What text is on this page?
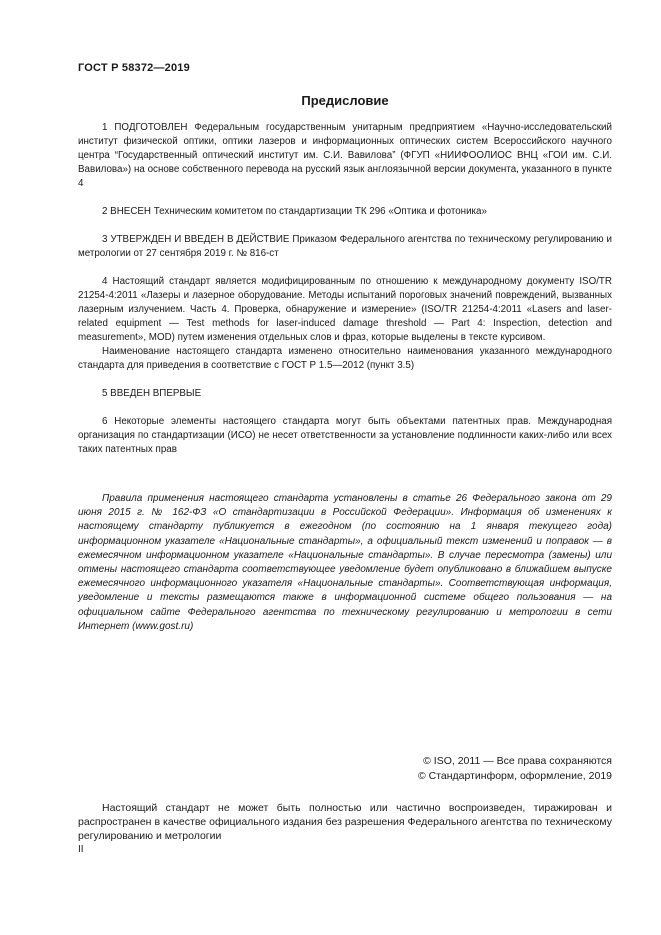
ГОСТ Р 58372—2019
Предисловие

1 ПОДГОТОВЛЕН Федеральным государственным унитарным предприятием «Научно-исследовательский институт физической оптики, оптики лазеров и информационных оптических систем Всероссийского научного центра “Государственный оптический институт им. С.И. Вавилова” (ФГУП «НИИФООЛИОС ВНЦ «ГОИ им. С.И. Вавилова») на основе собственного перевода на русский язык англоязычной версии документа, указанного в пункте 4

2 ВНЕСЕН Техническим комитетом по стандартизации ТК 296 «Оптика и фотоника»

3 УТВЕРЖДЕН И ВВЕДЕН В ДЕЙСТВИЕ Приказом Федерального агентства по техническому регулированию и метрологии от 27 сентября 2019 г. № 816-ст

4 Настоящий стандарт является модифицированным по отношению к международному документу ISO/TR 21254-4:2011 «Лазеры и лазерное оборудование. Методы испытаний пороговых значений повреждений, вызванных лазерным излучением. Часть 4. Проверка, обнаружение и измерение» (ISO/TR 21254-4:2011 «Lasers and laser-related equipment — Test methods for laser-induced damage threshold — Part 4: Inspection, detection and measurement», MOD) путем изменения отдельных слов и фраз, которые выделены в тексте курсивом.

Наименование настоящего стандарта изменено относительно наименования указанного международного стандарта для приведения в соответствие с ГОСТ Р 1.5—2012 (пункт 3.5)

5 ВВЕДЕН ВПЕРВЫЕ

6 Некоторые элементы настоящего стандарта могут быть объектами патентных прав. Международная организация по стандартизации (ИСО) не несет ответственности за установление подлинности каких-либо или всех таких патентных прав

Правила применения настоящего стандарта установлены в статье 26 Федерального закона от 29 июня 2015 г. № 162-ФЗ «О стандартизации в Российской Федерации». Информация об изменениях к настоящему стандарту публикуется в ежегодном (по состоянию на 1 января текущего года) информационном указателе «Национальные стандарты», а официальный текст изменений и поправок — в ежемесячном информационном указателе «Национальные стандарты». В случае пересмотра (замены) или отмены настоящего стандарта соответствующее уведомление будет опубликовано в ближайшем выпуске ежемесячного информационного указателя «Национальные стандарты». Соответствующая информация, уведомление и тексты размещаются также в информационной системе общего пользования — на официальном сайте Федерального агентства по техническому регулированию и метрологии в сети Интернет (www.gost.ru)

© ISO, 2011 — Все права сохраняются
© Стандартинформ, оформление, 2019

Настоящий стандарт не может быть полностью или частично воспроизведен, тиражирован и распространен в качестве официального издания без разрешения Федерального агентства по техническому регулированию и метрологии

II
